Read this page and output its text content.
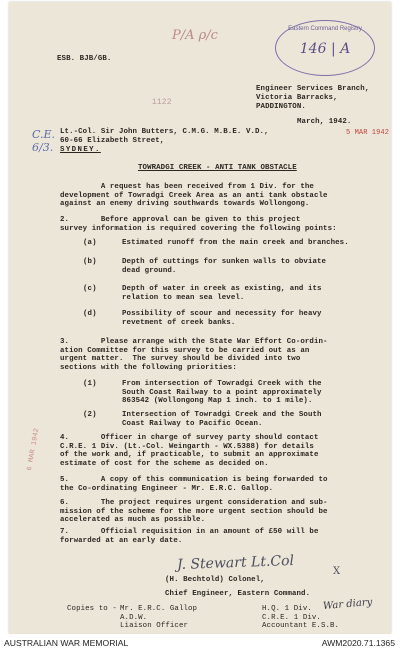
P/A ρ/c	Eastern Command Registry
146 | A
ESB. BJB/GB.
Engineer Services Branch,
Victoria Barracks,
PADDINGTON.
1122
March, 1942.
5 MAR 1942
C.E.
6/3.
Lt.-Col. Sir John Butters, C.M.G. M.B.E. V.D.,
60-66 Elizabeth Street,
SYDNEY.
TOWRADGI CREEK - ANTI TANK OBSTACLE
A request has been received from 1 Div. for the
development of Towradgi Creek Area as an anti tank obstacle
against an enemy driving southwards towards Wollongong.
2.       Before approval can be given to this project
survey information is required covering the following points:
(a)	Estimated runoff from the main creek and branches.
(b)	Depth of cuttings for sunken walls to obviate
dead ground.
(c)	Depth of water in creek as existing, and its
relation to mean sea level.
(d)	Possibility of scour and necessity for heavy
revetment of creek banks.
3.       Please arrange with the State War Effort Co-ordin-
ation Committee for this survey to be carried out as an
urgent matter.  The survey should be divided into two
sections with the following priorities:
(1)	From intersection of Towradgi Creek with the
South Coast Railway to a point approximately
863542 (Wollongong Map 1 inch. to 1 mile).
(2)	Intersection of Towradgi Creek and the South
Coast Railway to Pacific Ocean.
6 MAR 1942	4.       Officer in charge of survey party should contact
C.R.E. 1 Div. (Lt.-Col. Weingarth - WX.5388) for details
of the work and, if practicable, to submit an approximate
estimate of cost for the scheme as decided on.
5.       A copy of this communication is being forwarded to
the Co-ordinating Engineer - Mr. E.R.C. Gallop.
6.       The project requires urgent consideration and sub-
mission of the scheme for the more urgent section should be
accelerated as much as possible.
7.       Official requisition in an amount of £50 will be
forwarded at an early date.
J. Stewart Lt.Col	X
(H. Bechtold) Colonel,
Chief Engineer, Eastern Command.
Copies to - Mr. E.R.C. Gallop
A.D.W.
Liaison Officer
H.Q. 1 Div.
C.R.E. 1 Div.
Accountant E.S.B.
War diary
AUSTRALIAN WAR MEMORIAL	AWM2020.71.1365
